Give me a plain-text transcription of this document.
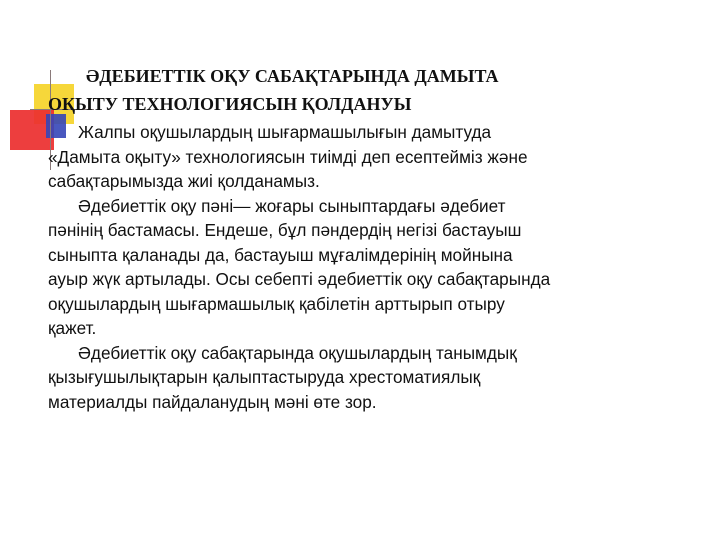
ӘДЕБИЕТТІК ОҚУ САБАҚТАРЫНДА ДАМЫТА
ОҚЫТУ ТЕХНОЛОГИЯСЫН ҚОЛДАНУЫ

Жалпы оқушылардың шығармашылығын дамытуда
«Дамыта оқыту» технологиясын тиімді деп есептейміз және
сабақтарымызда жиі қолданамыз.

Әдебиеттік оқу пәні— жоғары сыныптардағы әдебиет
пәнінің бастамасы. Ендеше, бұл пәндердің негізі бастауыш
сыныпта қаланады да, бастауыш мұғалімдерінің мойнына
ауыр жүк артылады. Осы себепті әдебиеттік оқу сабақтарында
оқушылардың шығармашылық қабілетін арттырып отыру
қажет.

Әдебиеттік оқу сабақтарында оқушылардың танымдық
қызығушылықтарын қалыптастыруда хрестоматиялық
материалды пайдаланудың мәні өте зор.
